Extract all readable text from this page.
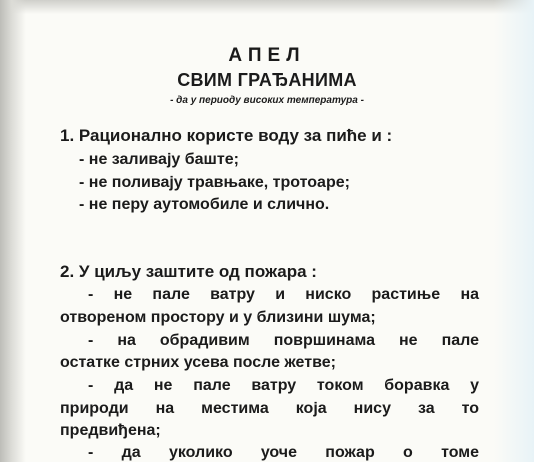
АПЕЛ
СВИМ ГРАЂАНИМА
- да у периоду високих температура -
1. Рационално користе воду за пиће и :
- не заливају баште;
- не поливају травњаке, тротоаре;
- не перу аутомобиле и слично.
2. У циљу заштите од пожара :
- не пале ватру и ниско растиње на
отвореном простору и у близини шума;
- на обрадивим површинама не пале
остатке стрних усева после жетве;
- да не пале ватру током боравка у
природи на местима која нису за то
предвиђена;
- да уколико уоче пожар о томе
